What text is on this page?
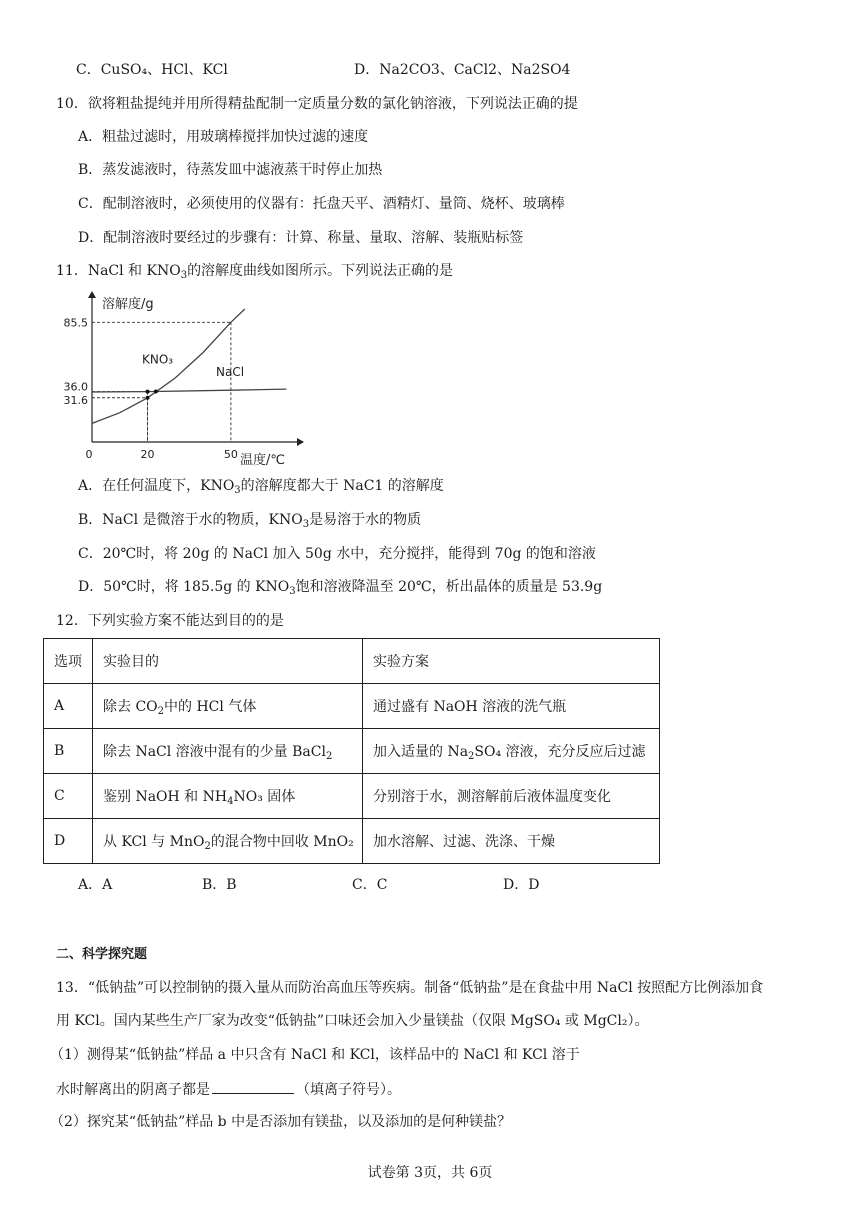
C．CuSO₄、HCl、KCl	D．Na2CO3、CaCl2、Na2SO4
10．欲将粗盐提纯并用所得精盐配制一定质量分数的氯化钠溶液，下列说法正确的提
A．粗盐过滤时，用玻璃棒搅拌加快过滤的速度
B．蒸发滤液时，待蒸发皿中滤液蒸干时停止加热
C．配制溶液时，必须使用的仪器有：托盘天平、酒精灯、量筒、烧杯、玻璃棒
D．配制溶液时要经过的步骤有：计算、称量、量取、溶解、装瓶贴标签
11．NaCl 和 $KNO_3$的溶解度曲线如图所示。下列说法正确的是
溶解度/g
温度/℃
0	20	50
31.6
36.0
85.5
KNO₃
NaCl
A．在任何温度下，$KNO_3$的溶解度都大于 NaC1 的溶解度
B．NaCl 是微溶于水的物质，$KNO_3$是易溶于水的物质
C．20℃时，将 20g 的 NaCl 加入 50g 水中，充分搅拌，能得到 70g 的饱和溶液
D．50℃时，将 185.5g 的 $KNO_3$饱和溶液降温至 20℃，析出晶体的质量是 53.9g
12．下列实验方案不能达到目的的是
选项	实验目的	实验方案
A	除去 $CO_2$中的 HCl 气体	通过盛有 NaOH 溶液的洗气瓶
B	除去 NaCl 溶液中混有的少量 BaCl$_2$	加入适量的 $Na_2SO_4$ 溶液，充分反应后过滤
C	鉴别 NaOH 和 $NH_4NO_3$ 固体	分别溶于水，测溶解前后液体温度变化
D	从 KCl 与 MnO$_2$的混合物中回收 MnO₂	加水溶解、过滤、洗涤、干燥
A．A	B．B	C．C	D．D
二、科学探究题
13．“低钠盐”可以控制钠的摄入量从而防治高血压等疾病。制备“低钠盐”是在食盐中用 NaCl 按照配方比例添加食
用 KCl。国内某些生产厂家为改变“低钠盐”口味还会加入少量镁盐（仅限 MgSO₄ 或 MgCl₂）。
（1）测得某“低钠盐”样品 a 中只含有 NaCl 和 KCl，该样品中的 NaCl 和 KCl 溶于
水时解离出的阴离子都是	（填离子符号）。
（2）探究某“低钠盐”样品 b 中是否添加有镁盐，以及添加的是何种镁盐？
试卷第 3页，共 6页
